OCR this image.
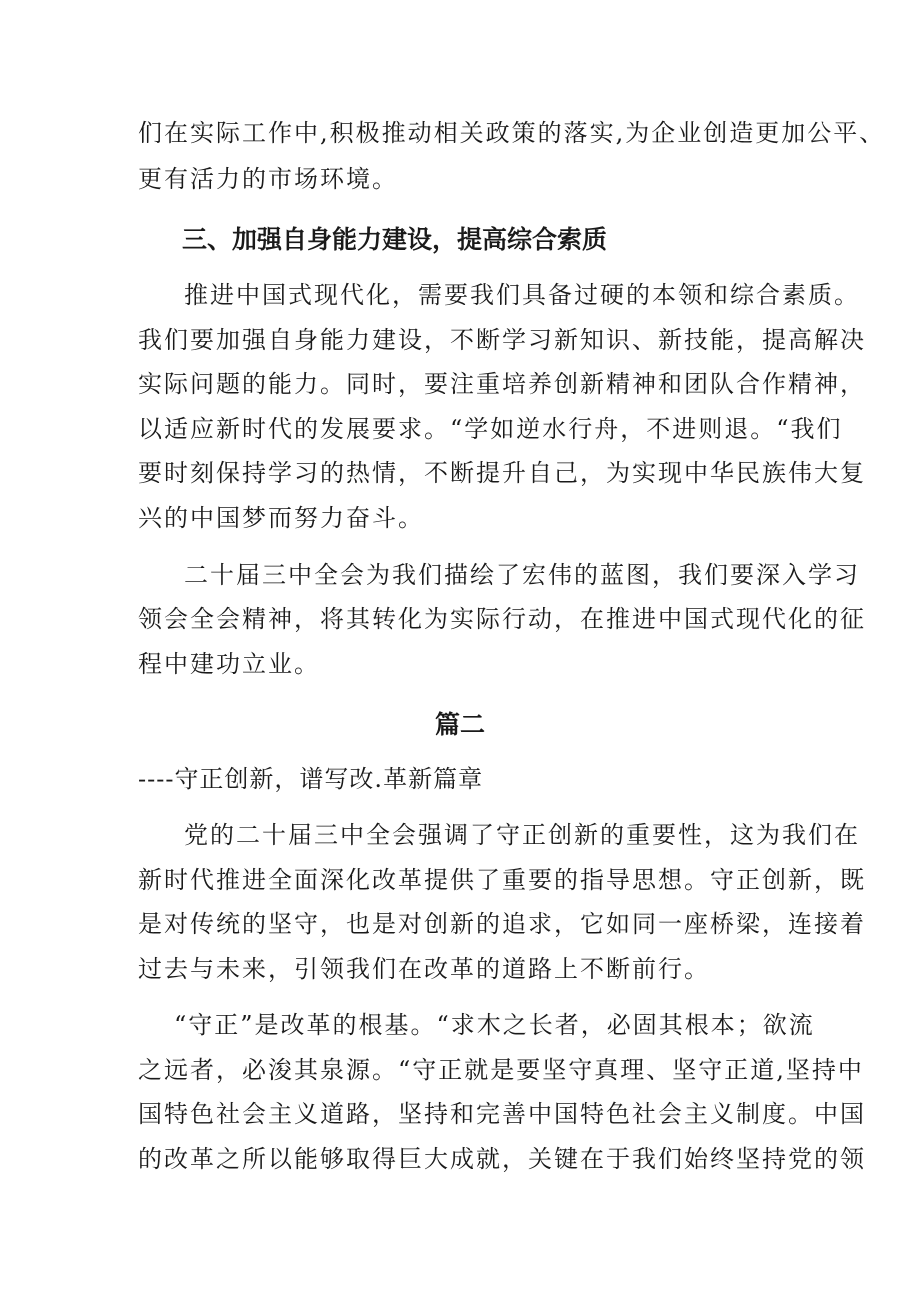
们在实际工作中,积极推动相关政策的落实,为企业创造更加公平、
更有活力的市场环境。
三、加强自身能力建设，提高综合索质
推进中国式现代化，需要我们具备过硬的本领和综合素质。
我们要加强自身能力建设，不断学习新知识、新技能，提高解决
实际问题的能力。同时，要注重培养创新精神和团队合作精神，
以适应新时代的发展要求。“学如逆水行舟，不进则退。“我们
要时刻保持学习的热情，不断提升自己，为实现中华民族伟大复
兴的中国梦而努力奋斗。
二十届三中全会为我们描绘了宏伟的蓝图，我们要深入学习
领会全会精神，将其转化为实际行动，在推进中国式现代化的征
程中建功立业。
篇二
----守正创新，谱写改.革新篇章
党的二十届三中全会强调了守正创新的重要性，这为我们在
新时代推进全面深化改革提供了重要的指导思想。守正创新，既
是对传统的坚守，也是对创新的追求，它如同一座桥梁，连接着
过去与未来，引领我们在改革的道路上不断前行。
“守正”是改革的根基。“求木之长者，必固其根本；欲流
之远者，必浚其泉源。“守正就是要坚守真理、坚守正道,坚持中
国特色社会主义道路，坚持和完善中国特色社会主义制度。中国
的改革之所以能够取得巨大成就，关键在于我们始终坚持党的领
